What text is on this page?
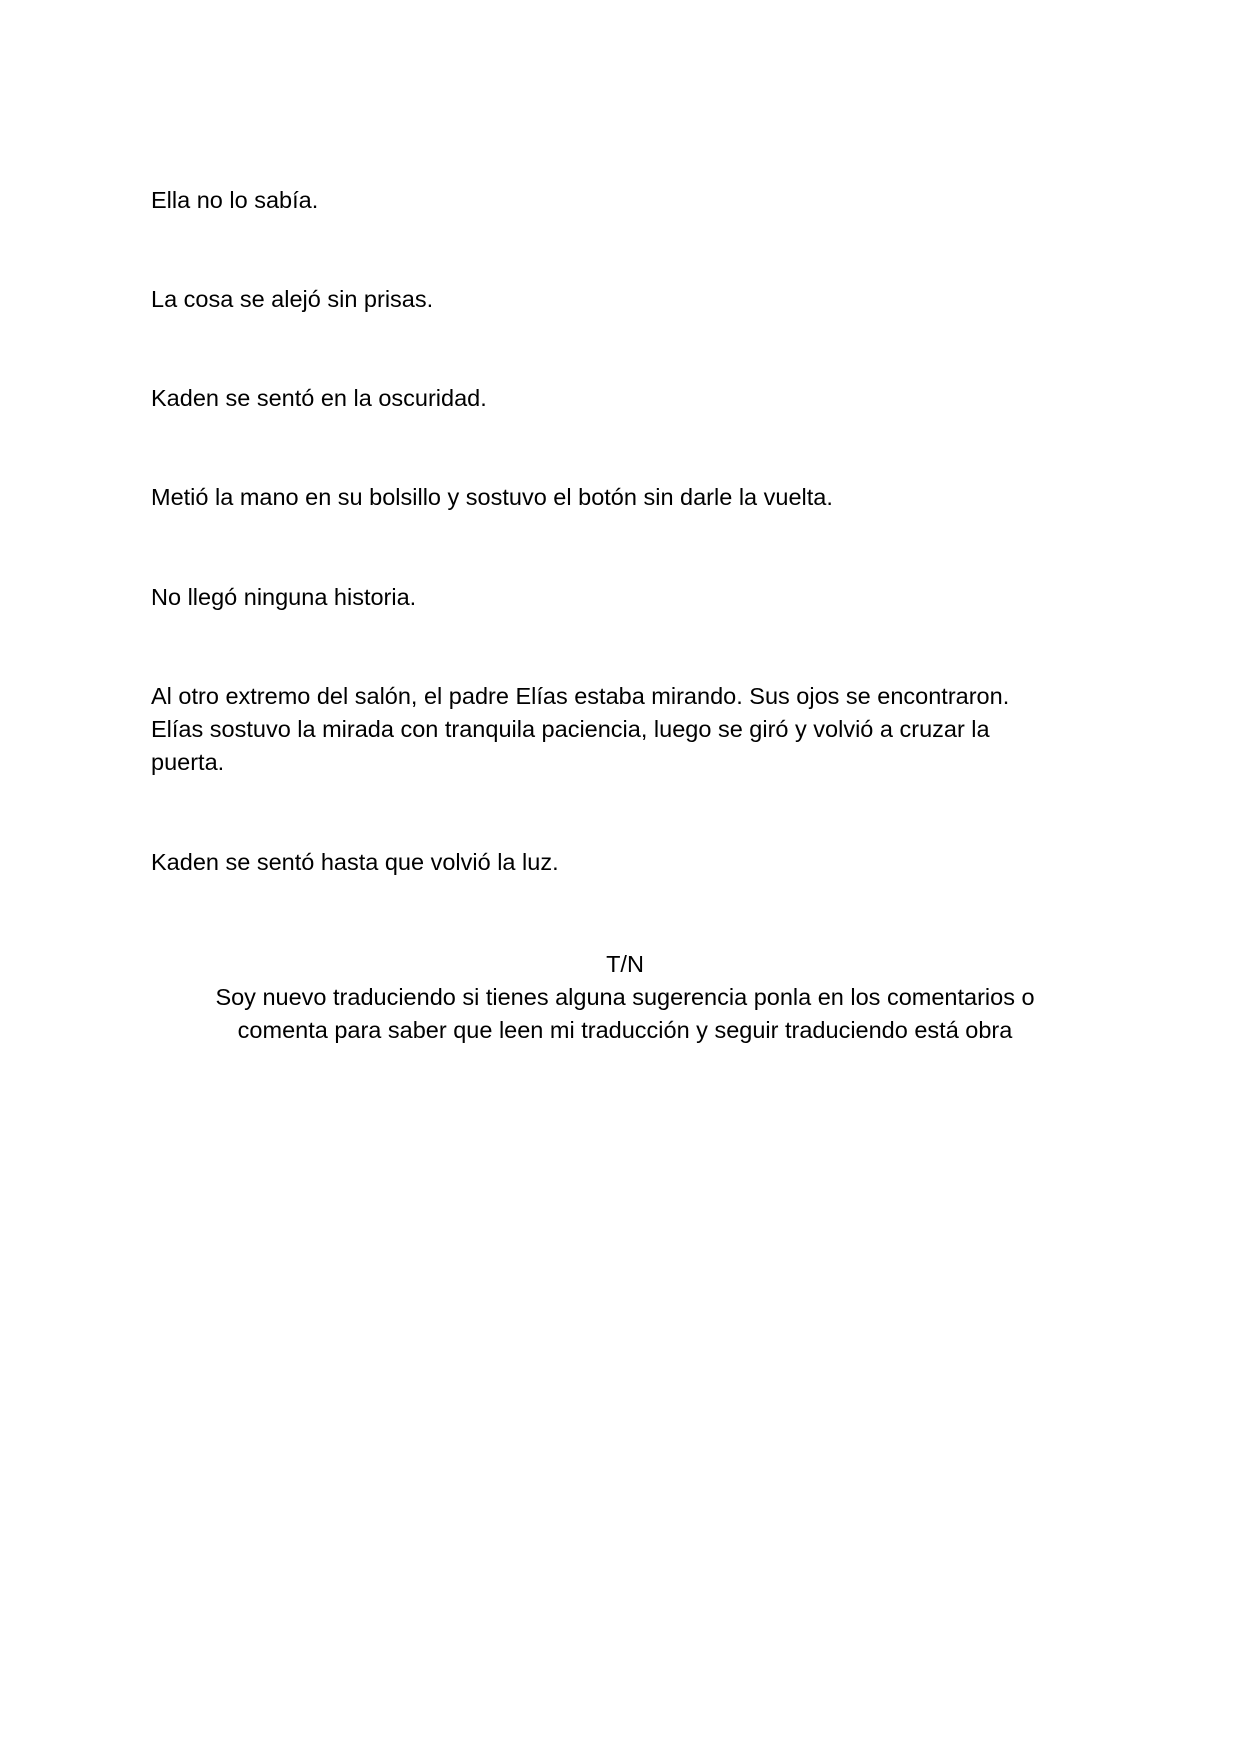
Ella no lo sabía.

La cosa se alejó sin prisas.

Kaden se sentó en la oscuridad.

Metió la mano en su bolsillo y sostuvo el botón sin darle la vuelta.

No llegó ninguna historia.

Al otro extremo del salón, el padre Elías estaba mirando. Sus ojos se encontraron.
Elías sostuvo la mirada con tranquila paciencia, luego se giró y volvió a cruzar la
puerta.

Kaden se sentó hasta que volvió la luz.

T/N
Soy nuevo traduciendo si tienes alguna sugerencia ponla en los comentarios o
comenta para saber que leen mi traducción y seguir traduciendo está obra
